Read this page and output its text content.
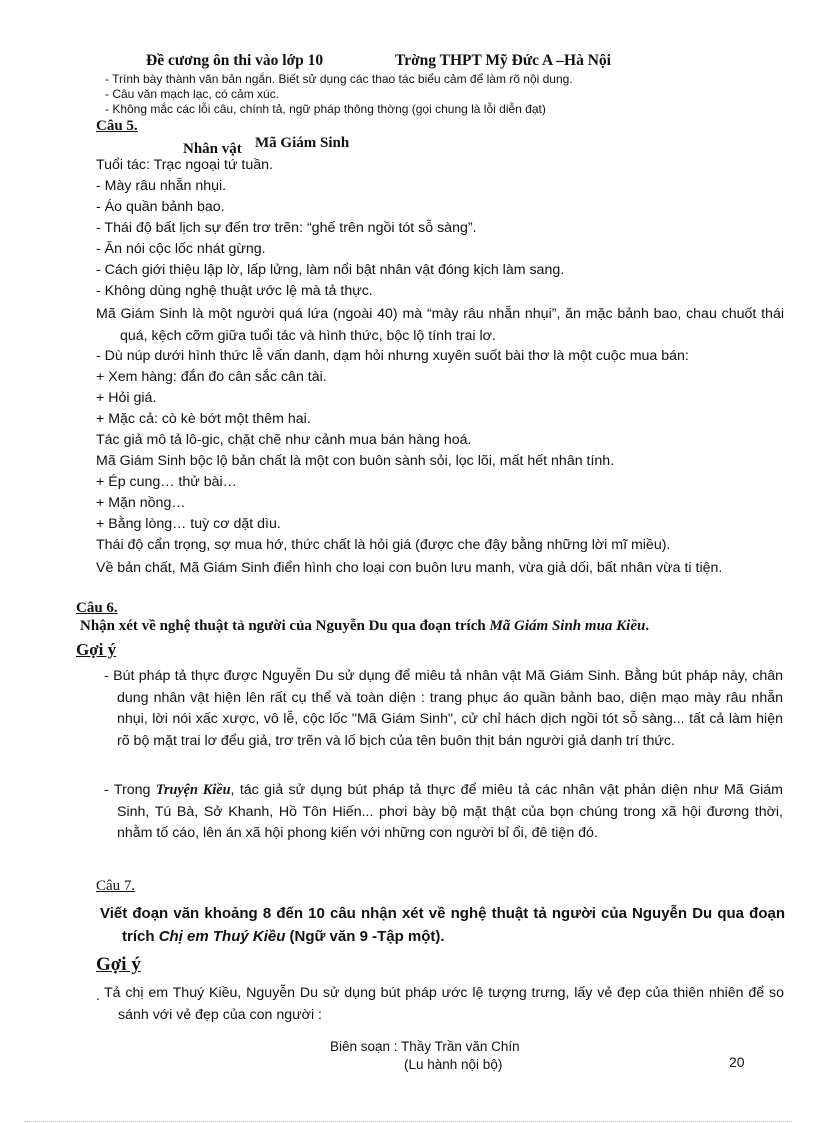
Đề cương ôn thi vào lớp 10	Trờng THPT Mỹ Đức A –Hà Nội
- Trình bày thành văn bản ngắn. Biết sử dụng các thao tác biểu cảm để làm rõ nội dung.
- Câu văn mạch lạc, có cảm xúc.
- Không mắc các lỗi câu, chính tả, ngữ pháp thông thờng (gọi chung là lỗi diễn đạt)
Câu 5.
Nhân vật Mã Giám Sinh
Tuổi tác: Trạc ngoại tứ tuần.
- Mày râu nhẵn nhụi.
- Áo quần bảnh bao.
- Thái độ bất lịch sự đến trơ trẽn: “ghế trên ngồi tót sỗ sàng”.
- Ăn nói cộc lốc nhát gừng.
- Cách giới thiệu lập lờ, lấp lửng, làm nổi bật nhân vật đóng kịch làm sang.
- Không dùng nghệ thuật ước lệ mà tả thực.
Mã Giám Sinh là một người quá lứa (ngoài 40) mà “mày râu nhẵn nhụi”, ăn mặc bảnh bao, chau chuốt thái quá, kệch cỡm giữa tuổi tác và hình thức, bộc lộ tính trai lơ.
- Dù núp dưới hình thức lễ vấn danh, dạm hỏi nhưng xuyên suốt bài thơ là một cuộc mua bán:
+ Xem hàng: đắn đo cân sắc cân tài.
+ Hỏi giá.
+ Mặc cả: cò kè bớt một thêm hai.
Tác giả mô tả lô-gic, chặt chẽ như cảnh mua bán hàng hoá.
Mã Giám Sinh bộc lộ bản chất là một con buôn sành sỏi, lọc lõi, mất hết nhân tính.
+ Ép cung… thử bài…
+ Mặn nồng…
+ Bằng lòng… tuỳ cơ dặt dìu.
Thái độ cẩn trọng, sợ mua hớ, thức chất là hỏi giá (được che đậy bằng những lời mĩ miều).
Về bản chất, Mã Giám Sinh điển hình cho loại con buôn lưu manh, vừa giả dối, bất nhân vừa ti tiện.
Câu 6.
Nhận xét về nghệ thuật tả người của Nguyễn Du qua đoạn trích Mã Giám Sinh mua Kiều.
Gợi ý
- Bút pháp tả thực được Nguyễn Du sử dụng để miêu tả nhân vật Mã Giám Sinh. Bằng bút pháp này, chân dung nhân vật hiện lên rất cụ thể và toàn diện : trang phục áo quần bảnh bao, diện mạo mày râu nhẵn nhụi, lời nói xấc xược, vô lễ, cộc lốc "Mã Giám Sinh", cử chỉ hách dịch ngồi tót sỗ sàng... tất cả làm hiện rõ bộ mặt trai lơ đểu giả, trơ trẽn và lố bịch của tên buôn thịt bán người giả danh trí thức.
- Trong Truyện Kiều, tác giả sử dụng bút pháp tả thực để miêu tả các nhân vật phản diện như Mã Giám Sinh, Tú Bà, Sở Khanh, Hồ Tôn Hiến... phơi bày bộ mặt thật của bọn chúng trong xã hội đương thời, nhằm tố cáo, lên án xã hội phong kiến với những con người bỉ ổi, đê tiện đó.
Câu 7.
Viết đoạn văn khoảng 8 đến 10 câu nhận xét về nghệ thuật tả người của Nguyễn Du qua đoạn trích Chị em Thuý Kiều (Ngữ văn 9 -Tập một).
Gợi ý
. Tả chị em Thuý Kiều, Nguyễn Du sử dụng bút pháp ước lệ tượng trưng, lấy vẻ đẹp của thiên nhiên để so sánh với vẻ đẹp của con người :
Biên soạn : Thầy Trần văn Chín
(Lu hành nội bộ)	20
